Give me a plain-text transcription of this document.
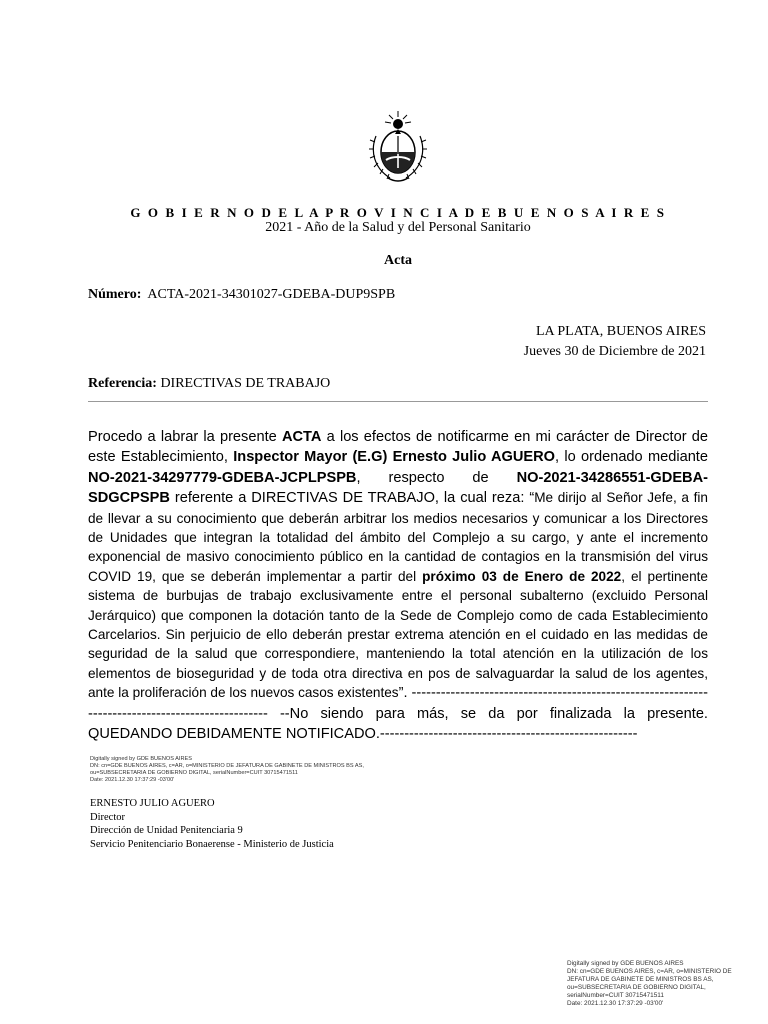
G O B I E R N O D E L A P R O V I N C I A D E B U E N O S A I R E S
2021 - Año de la Salud y del Personal Sanitario
Acta
Número: ACTA-2021-34301027-GDEBA-DUP9SPB
LA PLATA, BUENOS AIRES
Jueves 30 de Diciembre de 2021
Referencia: DIRECTIVAS DE TRABAJO
Procedo a labrar la presente ACTA a los efectos de notificarme en mi carácter de Director de este Establecimiento, Inspector Mayor (E.G) Ernesto Julio AGUERO, lo ordenado mediante NO-2021-34297779-GDEBA-JCPLPSPB, respecto de NO-2021-34286551-GDEBA-SDGCPSPB referente a DIRECTIVAS DE TRABAJO, la cual reza: “Me dirijo al Señor Jefe, a fin de llevar a su conocimiento que deberán arbitrar los medios necesarios y comunicar a los Directores de Unidades que integran la totalidad del ámbito del Complejo a su cargo, y ante el incremento exponencial de masivo conocimiento público en la cantidad de contagios en la transmisión del virus COVID 19, que se deberán implementar a partir del próximo 03 de Enero de 2022, el pertinente sistema de burbujas de trabajo exclusivamente entre el personal subalterno (excluido Personal Jerárquico) que componen la dotación tanto de la Sede de Complejo como de cada Establecimiento Carcelarios. Sin perjuicio de ello deberán prestar extrema atención en el cuidado en las medidas de seguridad de la salud que correspondiere, manteniendo la total atención en la utilización de los elementos de bioseguridad y de toda otra directiva en pos de salvaguardar la salud de los agentes, ante la proliferación de los nuevos casos existentes”. -------------------------------------------------------------------------------------------------- --No siendo para más, se da por finalizada la presente. QUEDANDO DEBIDAMENTE NOTIFICADO.-----------------------------------------------------
Digitally signed by GDE BUENOS AIRES
DN: cn=GDE BUENOS AIRES, c=AR, o=MINISTERIO DE JEFATURA DE GABINETE DE MINISTROS BS AS,
ou=SUBSECRETARIA DE GOBIERNO DIGITAL, serialNumber=CUIT 30715471511
Date: 2021.12.30 17:37:29 -03'00'
ERNESTO JULIO AGUERO
Director
Dirección de Unidad Penitenciaria 9
Servicio Penitenciario Bonaerense - Ministerio de Justicia
Digitally signed by GDE BUENOS AIRES
DN: cn=GDE BUENOS AIRES, c=AR, o=MINISTERIO DE
JEFATURA DE GABINETE DE MINISTROS BS AS,
ou=SUBSECRETARIA DE GOBIERNO DIGITAL,
serialNumber=CUIT 30715471511
Date: 2021.12.30 17:37:29 -03'00'
